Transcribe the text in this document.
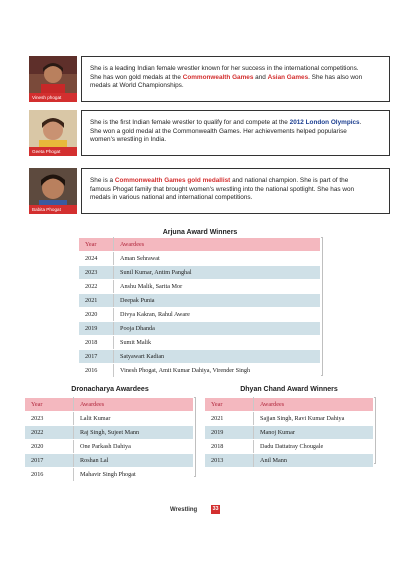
Vinesh phogat
She is a leading Indian female wrestler known for her success in the international competitions. She has won gold medals at the Commonwealth Games and Asian Games. She has also won medals at World Championships.
Geeta Phogat
She is the first Indian female wrestler to qualify for and compete at the 2012 London Olympics. She won a gold medal at the Commonwealth Games. Her achievements helped popularise women's wrestling in India.
Babita Phogat
She is a Commonwealth Games gold medallist and national champion. She is part of the famous Phogat family that brought women's wrestling into the national spotlight. She has won medals in various national and international competitions.
Arjuna Award Winners
Year	Awardees
2024	Aman Sehrawat
2023	Sunil Kumar, Antim Panghal
2022	Anshu Malik, Sarita Mor
2021	Deepak Punia
2020	Divya Kakran, Rahul Aware
2019	Pooja Dhanda
2018	Sumit Malik
2017	Satyawart Kadian
2016	Vinesh Phogat, Amit Kumar Dahiya, Virender Singh
Dronacharya Awardees
Year	Awardees
2023	Lalit Kumar
2022	Raj Singh, Sujeet Mann
2020	One Parkash Dahiya
2017	Roshan Lal
2016	Mahavir Singh Phogat
Dhyan Chand Award Winners
Year	Awardees
2021	Sajjan Singh, Ravi Kumar Dahiya
2019	Manoj Kumar
2018	Dadu Dattatray Chougale
2013	Anil Mann
Wrestling	33
